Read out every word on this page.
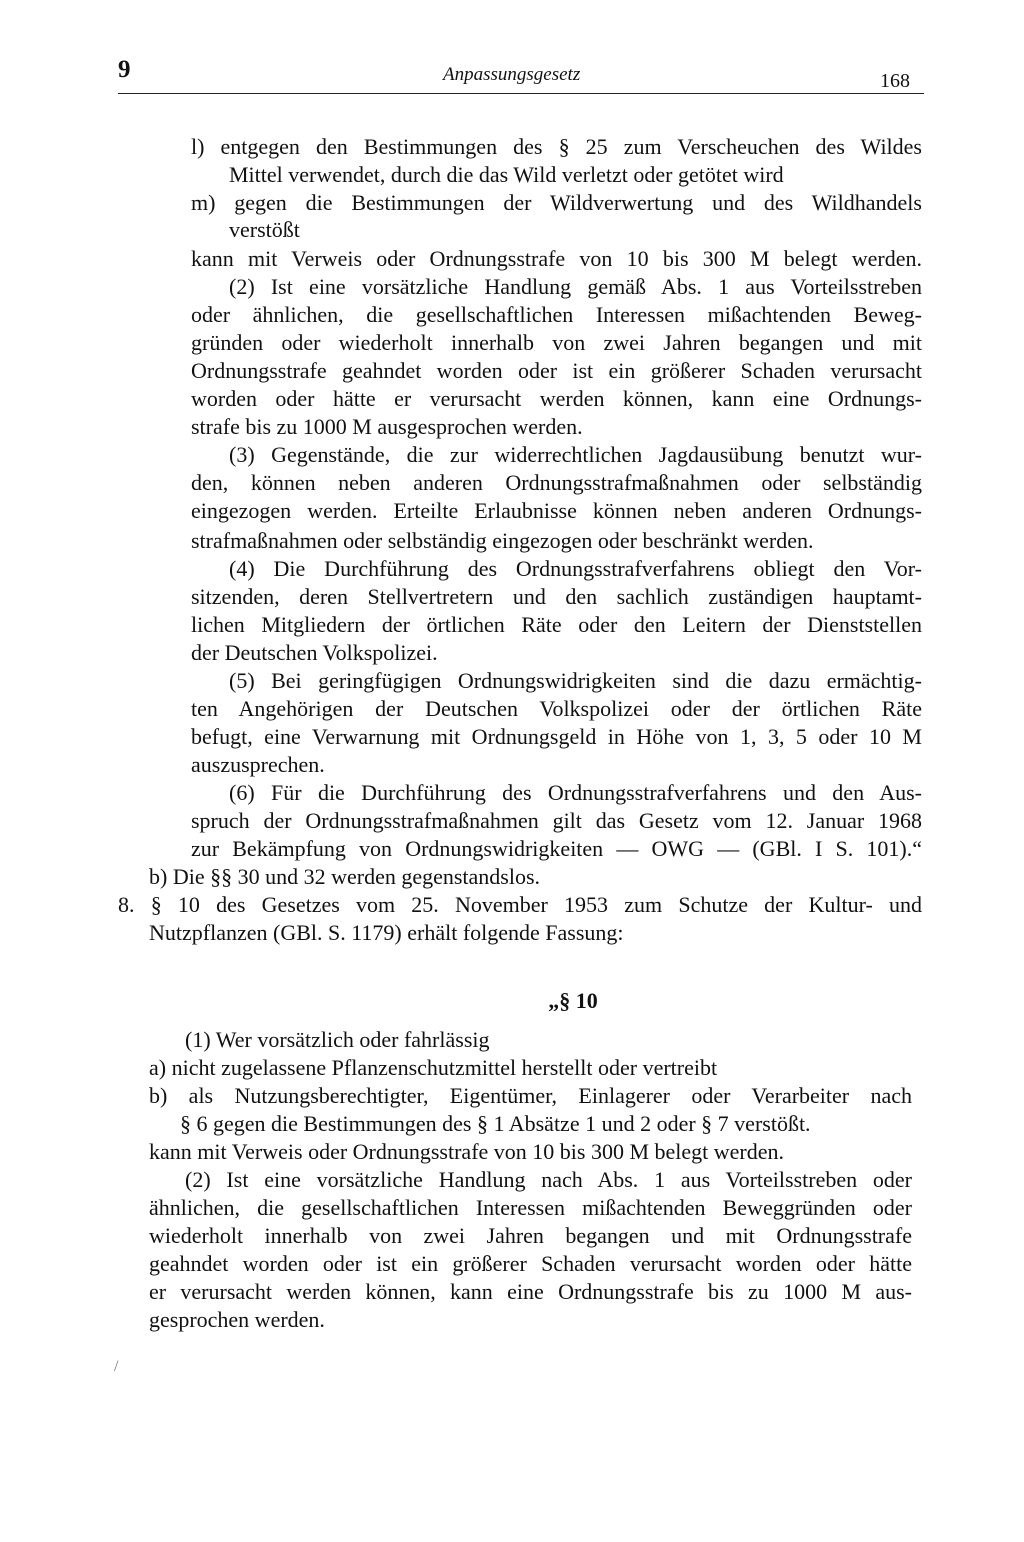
9	Anpassungsgesetz	168
l) entgegen den Bestimmungen des § 25 zum Verscheuchen des Wildes
Mittel verwendet, durch die das Wild verletzt oder getötet wird
m) gegen die Bestimmungen der Wildverwertung und des Wildhandels
verstößt
kann mit Verweis oder Ordnungsstrafe von 10 bis 300 M belegt werden.
(2) Ist eine vorsätzliche Handlung gemäß Abs. 1 aus Vorteilsstreben
oder ähnlichen, die gesellschaftlichen Interessen mißachtenden Beweg-
gründen oder wiederholt innerhalb von zwei Jahren begangen und mit
Ordnungsstrafe geahndet worden oder ist ein größerer Schaden verursacht
worden oder hätte er verursacht werden können, kann eine Ordnungs-
strafe bis zu 1000 M ausgesprochen werden.
(3) Gegenstände, die zur widerrechtlichen Jagdausübung benutzt wur-
den, können neben anderen Ordnungsstrafmaßnahmen oder selbständig
eingezogen werden. Erteilte Erlaubnisse können neben anderen Ordnungs-
strafmaßnahmen oder selbständig eingezogen oder beschränkt werden.
(4) Die Durchführung des Ordnungsstrafverfahrens obliegt den Vor-
sitzenden, deren Stellvertretern und den sachlich zuständigen hauptamt-
lichen Mitgliedern der örtlichen Räte oder den Leitern der Dienststellen
der Deutschen Volkspolizei.
(5) Bei geringfügigen Ordnungswidrigkeiten sind die dazu ermächtig-
ten Angehörigen der Deutschen Volkspolizei oder der örtlichen Räte
befugt, eine Verwarnung mit Ordnungsgeld in Höhe von 1, 3, 5 oder 10 M
auszusprechen.
(6) Für die Durchführung des Ordnungsstrafverfahrens und den Aus-
spruch der Ordnungsstrafmaßnahmen gilt das Gesetz vom 12. Januar 1968
zur Bekämpfung von Ordnungswidrigkeiten — OWG — (GBl. I S. 101).“
b) Die §§ 30 und 32 werden gegenstandslos.
8. § 10 des Gesetzes vom 25. November 1953 zum Schutze der Kultur- und
Nutzpflanzen (GBl. S. 1179) erhält folgende Fassung:
„§ 10
(1) Wer vorsätzlich oder fahrlässig
a) nicht zugelassene Pflanzenschutzmittel herstellt oder vertreibt
b) als Nutzungsberechtigter, Eigentümer, Einlagerer oder Verarbeiter nach
§ 6 gegen die Bestimmungen des § 1 Absätze 1 und 2 oder § 7 verstößt.
kann mit Verweis oder Ordnungsstrafe von 10 bis 300 M belegt werden.
(2) Ist eine vorsätzliche Handlung nach Abs. 1 aus Vorteilsstreben oder
ähnlichen, die gesellschaftlichen Interessen mißachtenden Beweggründen oder
wiederholt innerhalb von zwei Jahren begangen und mit Ordnungsstrafe
geahndet worden oder ist ein größerer Schaden verursacht worden oder hätte
er verursacht werden können, kann eine Ordnungsstrafe bis zu 1000 M aus-
gesprochen werden.
/
